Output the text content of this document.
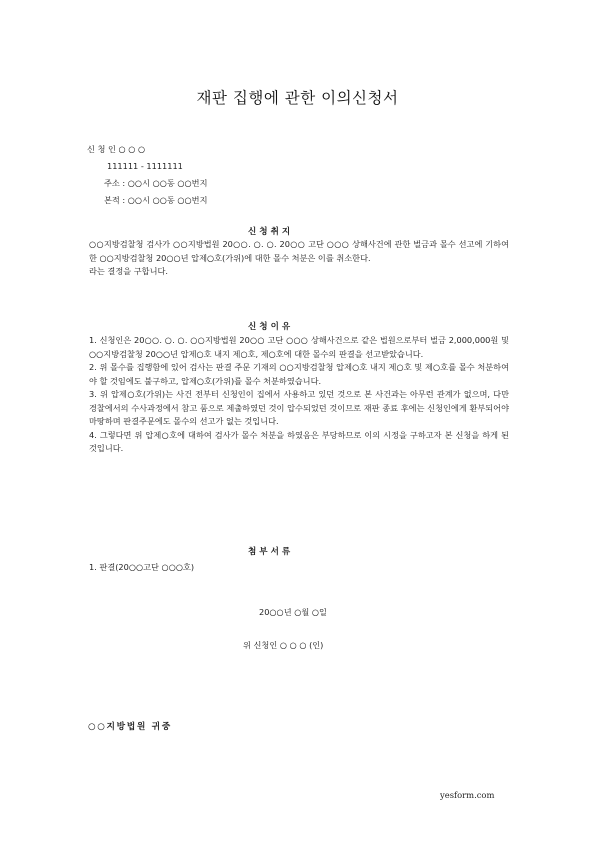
재판 집행에 관한 이의신청서
신 청 인 ○ ○ ○
111111 - 1111111
주소 : ○○시 ○○동 ○○번지
본적 : ○○시 ○○동 ○○번지
신 청 취 지

○○지방검찰청 검사가 ○○지방법원 20○○. ○. ○. 20○○ 고단 ○○○ 상해사건에 관한 벌금과 몰수 선고에 기하여 한 ○○지방검찰청 20○○년 압제○호(가위)에 대한 몰수 처분은 이를 취소한다.

라는 결정을 구합니다.

신 청 이 유

1. 신청인은 20○○. ○. ○. ○○지방법원 20○○ 고단 ○○○ 상해사건으로 같은 법원으로부터 벌금 2,000,000원 및 ○○지방검찰청 20○○년 압제○호 내지 제○호, 제○호에 대한 몰수의 판결을 선고받았습니다.

2. 위 몰수를 집행함에 있어 검사는 판결 주문 기재의 ○○지방검찰청 압제○호 내지 제○호 및 제○호를 몰수 처분하여야 할 것임에도 불구하고, 압제○호(가위)를 몰수 처분하였습니다.

3. 위 압제○호(가위)는 사건 전부터 신청인이 집에서 사용하고 있던 것으로 본 사건과는 아무런 관계가 없으며, 다만 경찰에서의 수사과정에서 참고 품으로 제출하였던 것이 압수되었던 것이므로 재판 종료 후에는 신청인에게 환부되어야 마땅하며 판결주문에도 몰수의 선고가 없는 것입니다.

4. 그렇다면 위 압제○호에 대하여 검사가 몰수 처분을 하였음은 부당하므로 이의 시정을 구하고자 본 신청을 하게 된 것입니다.

첨 부 서 류
1. 판결(20○○고단 ○○○호)
20○○년 ○월 ○일
위 신청인 ○ ○ ○ (인)
○○지방법원 귀중
yesform.com
